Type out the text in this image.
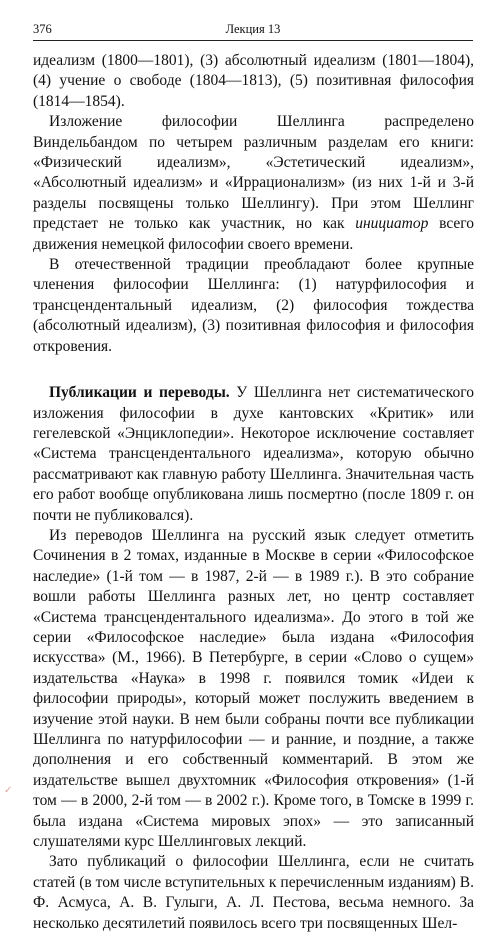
376	Лекция 13

идеализм (1800—1801), (3) абсолютный идеализм (1801—1804), (4) учение о свободе (1804—1813), (5) позитивная философия (1814—1854).

Изложение философии Шеллинга распределено Виндельбандом по четырем различным разделам его книги: «Физический идеализм», «Эстетический идеализм», «Абсолютный идеализм» и «Иррационализм» (из них 1-й и 3-й разделы посвящены только Шеллингу). При этом Шеллинг предстает не только как участник, но как инициатор всего движения немецкой философии своего времени.

В отечественной традиции преобладают более крупные членения философии Шеллинга: (1) натурфилософия и трансцендентальный идеализм, (2) философия тождества (абсолютный идеализм), (3) позитивная философия и философия откровения.

Публикации и переводы. У Шеллинга нет систематического изложения философии в духе кантовских «Критик» или гегелевской «Энциклопедии». Некоторое исключение составляет «Система трансцендентального идеализма», которую обычно рассматривают как главную работу Шеллинга. Значительная часть его работ вообще опубликована лишь посмертно (после 1809 г. он почти не публиковался).

Из переводов Шеллинга на русский язык следует отметить Сочинения в 2 томах, изданные в Москве в серии «Философское наследие» (1-й том — в 1987, 2-й — в 1989 г.). В это собрание вошли работы Шеллинга разных лет, но центр составляет «Система трансцендентального идеализма». До этого в той же серии «Философское наследие» была издана «Философия искусства» (М., 1966). В Петербурге, в серии «Слово о сущем» издательства «Наука» в 1998 г. появился томик «Идеи к философии природы», который может послужить введением в изучение этой науки. В нем были собраны почти все публикации Шеллинга по натурфилософии — и ранние, и поздние, а также дополнения и его собственный комментарий. В этом же издательстве вышел двухтомник «Философия откровения» (1-й том — в 2000, 2-й том — в 2002 г.). Кроме того, в Томске в 1999 г. была издана «Система мировых эпох» — это записанный слушателями курс Шеллинговых лекций.

Зато публикаций о философии Шеллинга, если не считать статей (в том числе вступительных к перечисленным изданиям) В. Ф. Асмуса, А. В. Гулыги, А. Л. Пестова, весьма немного. За несколько десятилетий появилось всего три посвященных Шел-

✓
